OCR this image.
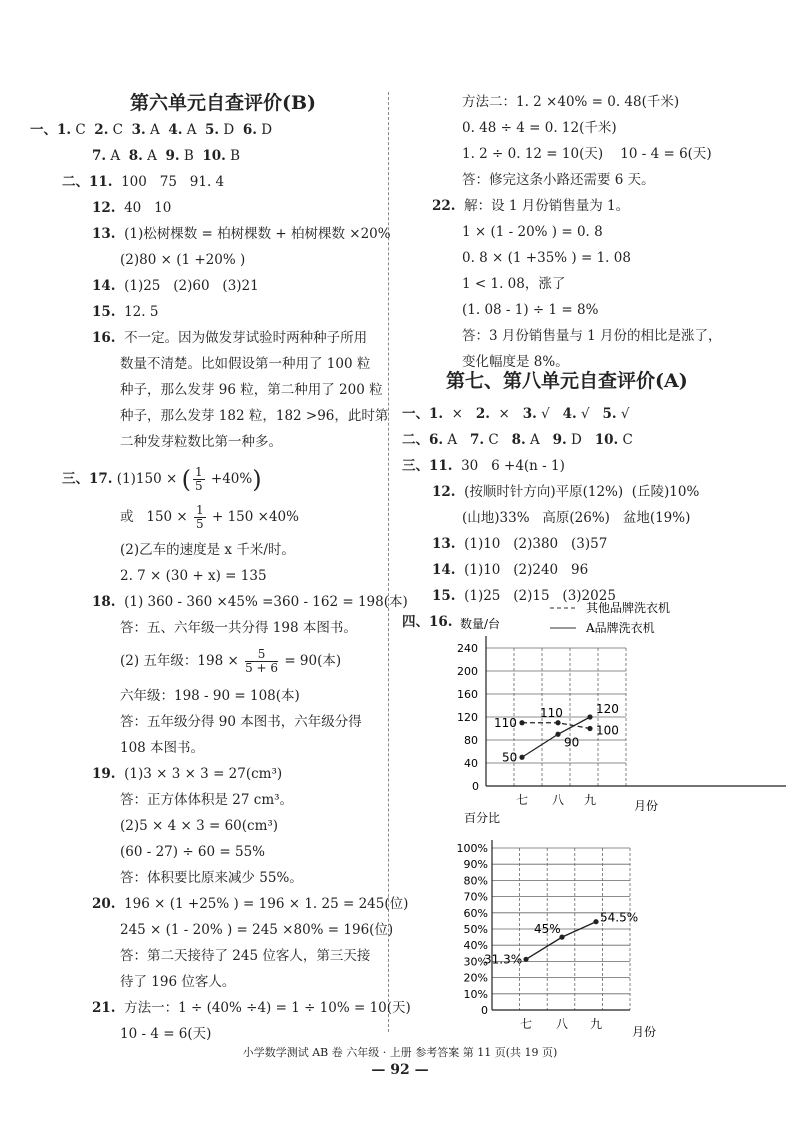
第六单元自查评价(B)
第七、第八单元自查评价(A)
一、1. C  2. C  3. A  4. A  5. D  6. D
7. A  8. A  9. B  10. B
二、11.  100   75   91. 4
12.  40   10
13.  (1)松树棵数 = 柏树棵数 + 柏树棵数 ×20%
(2)80 × (1 +20% )
14.  (1)25   (2)60   (3)21
15.  12. 5
16.  不一定。因为做发芽试验时两种种子所用
数量不清楚。比如假设第一种用了 100 粒
种子，那么发芽 96 粒，第二种用了 200 粒
种子，那么发芽 182 粒，182 >96，此时第
二种发芽粒数比第一种多。
(2)乙车的速度是 x 千米/时。
2. 7 × (30 + x) = 135
18.  (1) 360 - 360 ×45% =360 - 162 = 198(本)
答：五、六年级一共分得 198 本图书。
六年级：198 - 90 = 108(本)
答：五年级分得 90 本图书，六年级分得
108 本图书。
答：正方体体积是 27 cm³。
(60 - 27) ÷ 60 = 55%
答：体积要比原来减少 55%。
20.  196 × (1 +25% ) = 196 × 1. 25 = 245(位)
245 × (1 - 20% ) = 245 ×80% = 196(位)
答：第二天接待了 245 位客人，第三天接
待了 196 位客人。
21.  方法一：1 ÷ (40% ÷4) = 1 ÷ 10% = 10(天)
10 - 4 = 6(天)
方法二：1. 2 ×40% = 0. 48(千米)
0. 48 ÷ 4 = 0. 12(千米)
1. 2 ÷ 0. 12 = 10(天)    10 - 4 = 6(天)
答：修完这条小路还需要 6 天。
22.  解：设 1 月份销售量为 1。
1 × (1 - 20% ) = 0. 8
0. 8 × (1 +35% ) = 1. 08
1 < 1. 08，涨了
(1. 08 - 1) ÷ 1 = 8%
答：3 月份销售量与 1 月份的相比是涨了，
变化幅度是 8%。
一、1.  ×   2.  ×   3. √   4. √   5. √
二、6. A   7. C   8. A   9. D   10. C
三、11.  30   6 +4(n - 1)
12.  (按顺时针方向)平原(12%)  (丘陵)10%
(山地)33%   高原(26%)   盆地(19%)
13.  (1)10   (2)380   (3)57
14.  (1)10   (2)240   96
15.  (1)25   (2)15   (3)2025
四、16.
三、17. (1)150 × ( $\frac{1}{5} +40\%$)
或 $150 \times \frac{1}{5} + 150 \times 40\%$
(2) 五年级：$198 \times \frac{5}{5 + 6} = 90$(本)
19. (1)3 × 3 × 3 = 27(cm³)
(2)5 × 4 × 3 = 60(cm³)
其他品牌洗衣机
A品牌洗衣机
数量/台
40
80
120
160
200
240
0
七 八 九	月份
110
110
100
50
90
120
百分比
0
10%
20%
30%
40%
50%
60%
70%
80%
90%
100%
七 八 九
月份
31.3%
45%
54.5%
小学数学测试 AB 卷 六年级 · 上册 参考答案 第 11 页(共 19 页)
— 92 —
